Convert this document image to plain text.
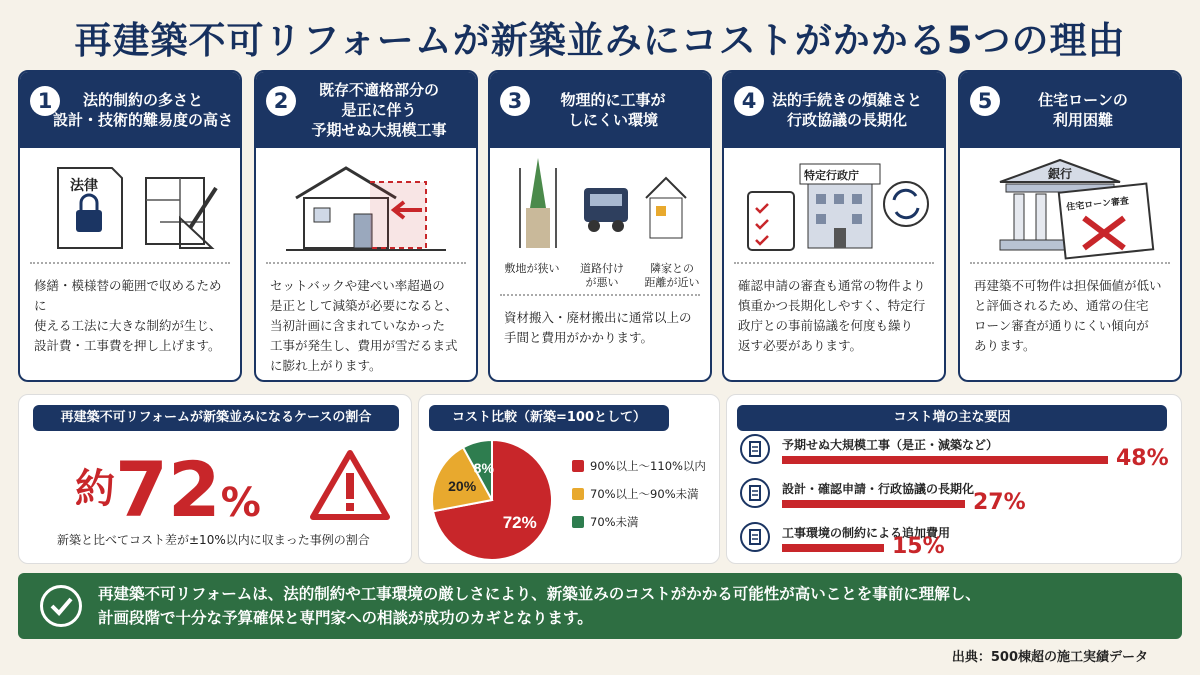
再建築不可リフォームが新築並みにコストがかかる5つの理由
1	法的制約の多さと
設計・技術的難易度の高さ
法律
修繕・模様替の範囲で収めるために
使える工法に大きな制約が生じ、
設計費・工事費を押し上げます。
2	既存不適格部分の
是正に伴う
予期せぬ大規模工事
セットバックや建ぺい率超過の
是正として減築が必要になると、
当初計画に含まれていなかった
工事が発生し、費用が雪だるま式
に膨れ上がります。
3	物理的に工事が
しにくい環境
敷地が狭い	道路付け
が悪い
隣家との
距離が近い
資材搬入・廃材搬出に通常以上の
手間と費用がかかります。
4	法的手続きの煩雑さと
行政協議の長期化
特定行政庁
確認申請の審査も通常の物件より
慎重かつ長期化しやすく、特定行
政庁との事前協議を何度も繰り
返す必要があります。
5	住宅ローンの
利用困難
銀行
住宅ローン審査
再建築不可物件は担保価値が低い
と評価されるため、通常の住宅
ローン審査が通りにくい傾向が
あります。
再建築不可リフォームが新築並みになるケースの割合
約72%
新築と比べてコスト差が±10%以内に収まった事例の割合
コスト比較（新築=100として）
72%
20%
8%	90%以上～110%以内
70%以上～90%未満
70%未満
コスト増の主な要因
予期せぬ大規模工事（是正・減築など）
48%
設計・確認申請・行政協議の長期化
27%
工事環境の制約による追加費用
15%
再建築不可リフォームは、法的制約や工事環境の厳しさにより、新築並みのコストがかかる可能性が高いことを事前に理解し、
計画段階で十分な予算確保と専門家への相談が成功のカギとなります。
出典：500棟超の施工実績データ
